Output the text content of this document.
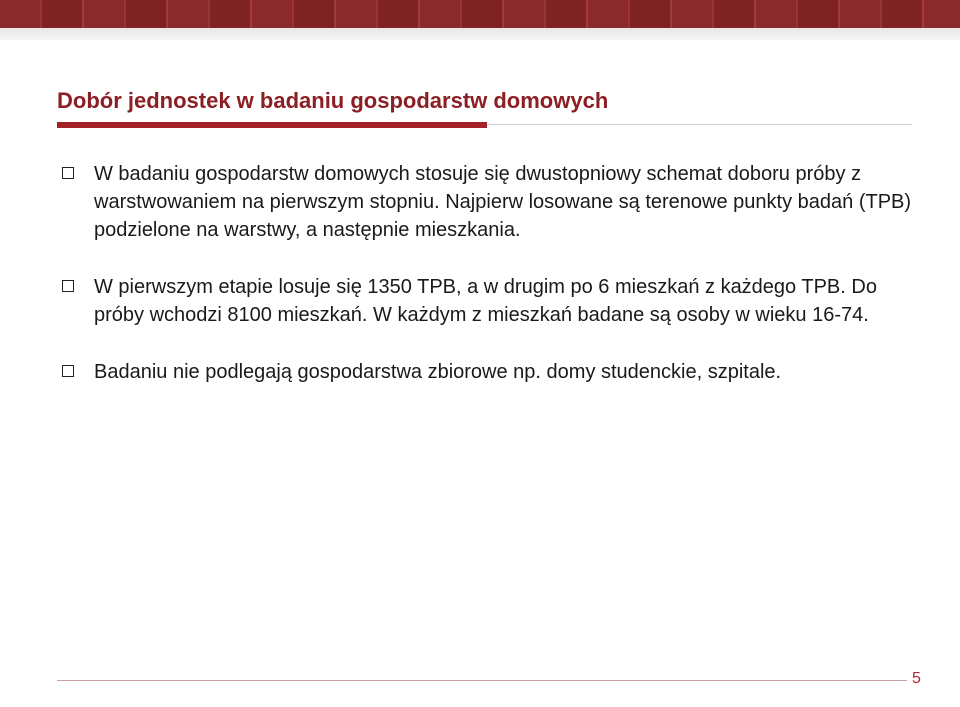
Dobór jednostek w badaniu gospodarstw domowych
W badaniu gospodarstw domowych stosuje się dwustopniowy schemat doboru próby z warstwowaniem na pierwszym stopniu. Najpierw losowane są terenowe punkty badań (TPB) podzielone na warstwy, a następnie mieszkania.
W pierwszym etapie losuje się 1350 TPB, a w drugim po 6 mieszkań z każdego TPB. Do próby wchodzi 8100 mieszkań. W każdym z mieszkań badane są osoby w wieku 16-74.
Badaniu nie podlegają gospodarstwa zbiorowe np. domy studenckie, szpitale.
5
